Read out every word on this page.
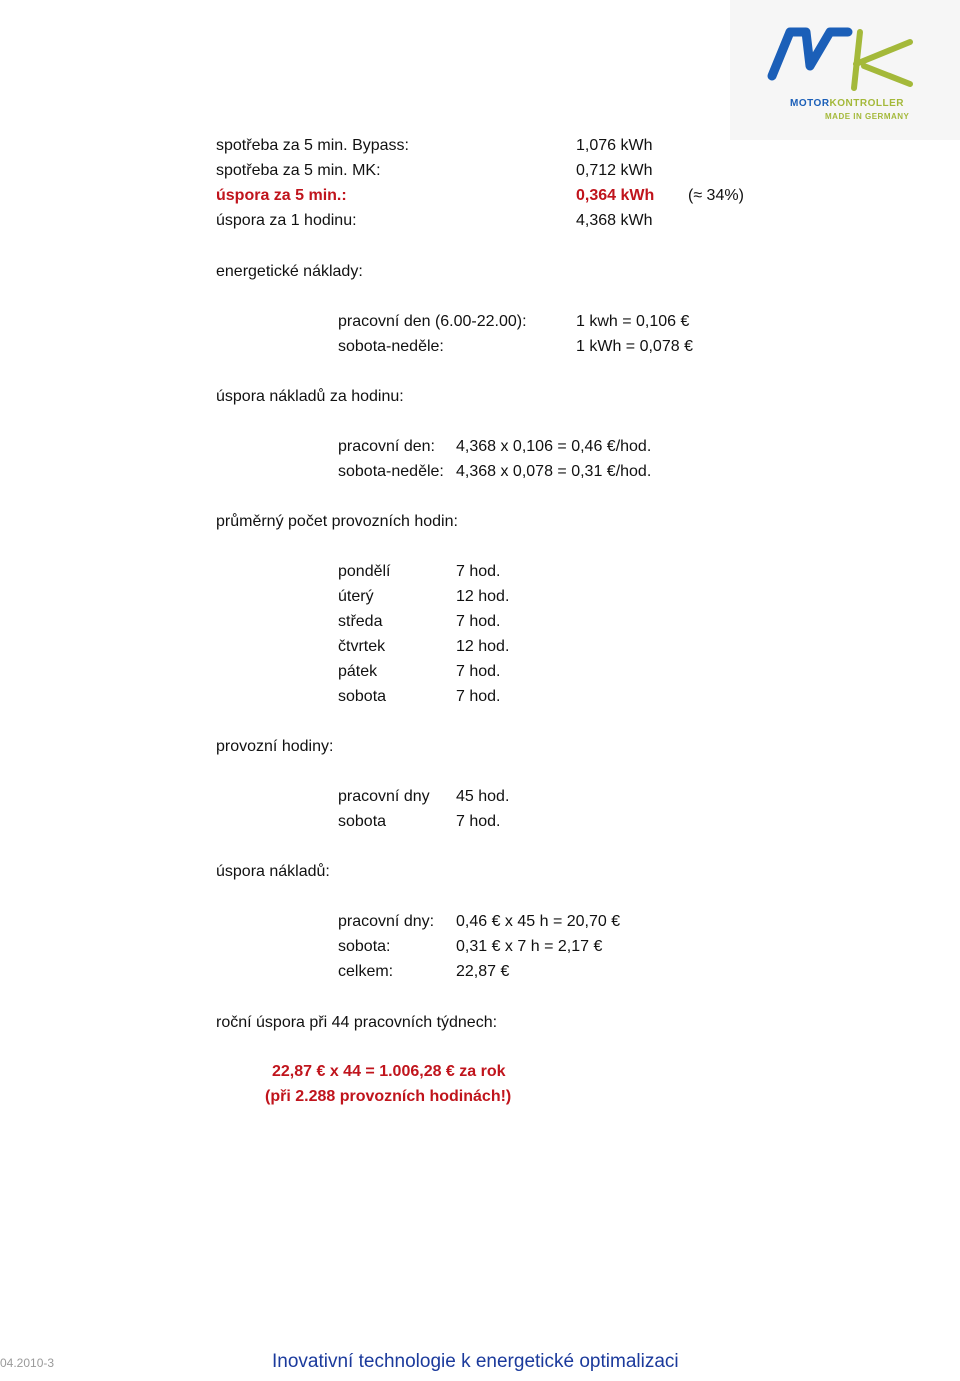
MOTORKONTROLLER
MADE IN GERMANY
spotřeba za 5 min. Bypass:	1,076 kWh
spotřeba za 5 min. MK:	0,712 kWh
úspora za 5 min.:	0,364 kWh (≈ 34%)
úspora za 1 hodinu:	4,368 kWh
energetické náklady:
pracovní den (6.00-22.00):	1 kwh = 0,106 €
sobota-neděle:	1 kWh = 0,078 €
úspora nákladů za hodinu:
pracovní den: 4,368 x 0,106 = 0,46 €/hod.
sobota-neděle: 4,368 x 0,078 = 0,31 €/hod.
průměrný počet provozních hodin:
pondělí	7 hod.
úterý	12 hod.
středa	7 hod.
čtvrtek	12 hod.
pátek	7 hod.
sobota	7 hod.
provozní hodiny:
pracovní dny 45 hod.
sobota	7 hod.
úspora nákladů:
pracovní dny: 0,46 € x 45 h = 20,70 €
sobota:	0,31 € x 7 h = 2,17 €
celkem:	22,87 €
roční úspora při 44 pracovních týdnech:
22,87 € x 44 = 1.006,28 € za rok
(při 2.288 provozních hodinách!)
04.2010-3	Inovativní technologie k energetické optimalizaci
